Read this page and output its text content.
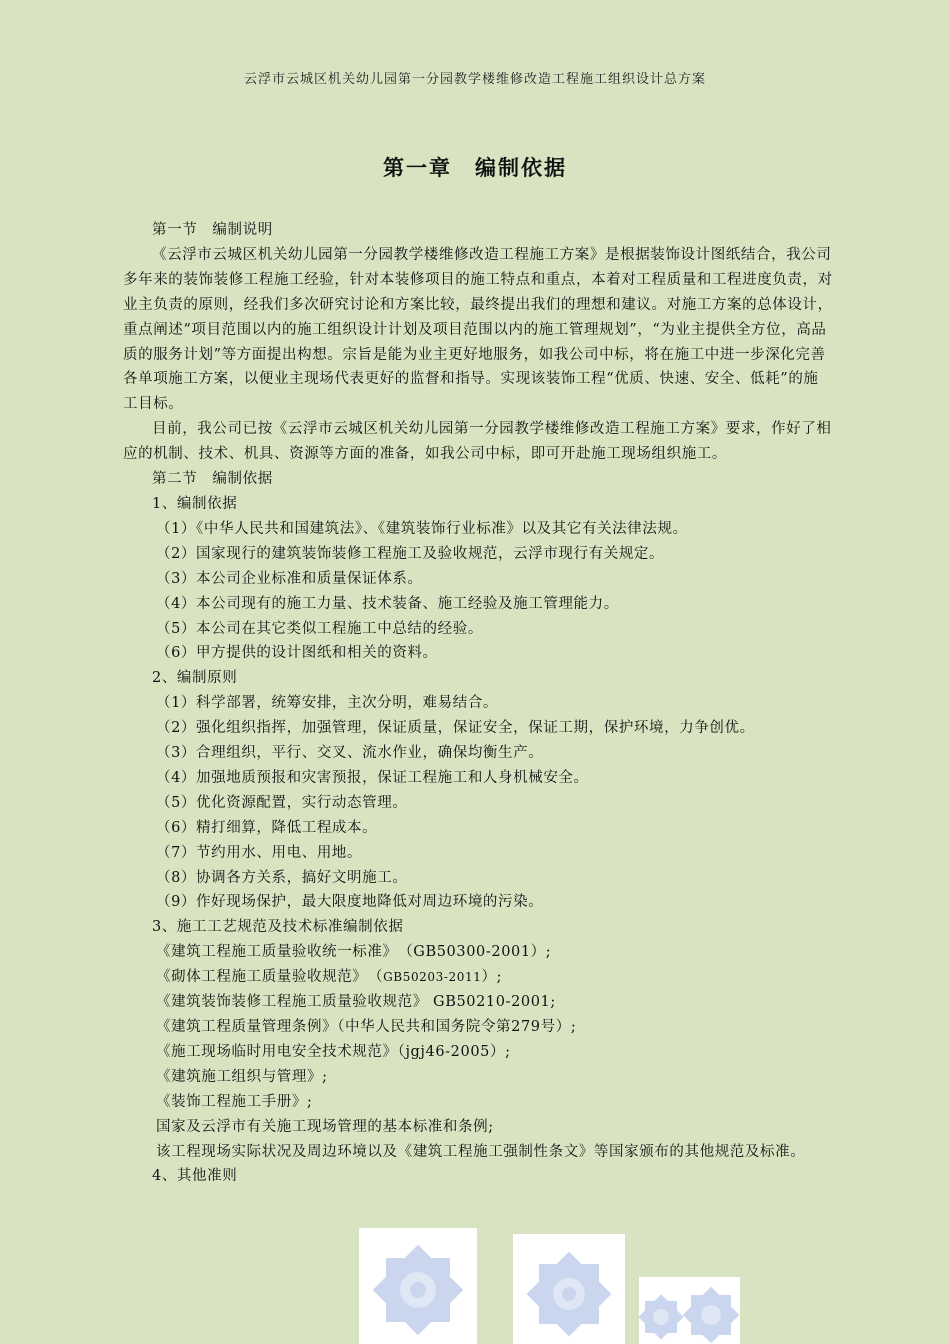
云浮市云城区机关幼儿园第一分园教学楼维修改造工程施工组织设计总方案
第一章　编制依据

第一节　编制说明

《云浮市云城区机关幼儿园第一分园教学楼维修改造工程施工方案》是根据装饰设计图纸结合，我公司多年来的装饰装修工程施工经验，针对本装修项目的施工特点和重点，本着对工程质量和工程进度负责，对业主负责的原则，经我们多次研究讨论和方案比较，最终提出我们的理想和建议。对施工方案的总体设计，重点阐述“项目范围以内的施工组织设计计划及项目范围以内的施工管理规划”，“为业主提供全方位，高品质的服务计划”等方面提出构想。宗旨是能为业主更好地服务，如我公司中标，将在施工中进一步深化完善各单项施工方案，以便业主现场代表更好的监督和指导。实现该装饰工程“优质、快速、安全、低耗”的施工目标。

目前，我公司已按《云浮市云城区机关幼儿园第一分园教学楼维修改造工程施工方案》要求，作好了相应的机制、技术、机具、资源等方面的准备，如我公司中标，即可开赴施工现场组织施工。

第二节　编制依据

1、编制依据

（1）《中华人民共和国建筑法》、《建筑装饰行业标准》以及其它有关法律法规。

（2）国家现行的建筑装饰装修工程施工及验收规范，云浮市现行有关规定。

（3）本公司企业标准和质量保证体系。

（4）本公司现有的施工力量、技术装备、施工经验及施工管理能力。

（5）本公司在其它类似工程施工中总结的经验。

（6）甲方提供的设计图纸和相关的资料。

2、编制原则

（1）科学部署，统筹安排，主次分明，难易结合。

（2）强化组织指挥，加强管理，保证质量，保证安全，保证工期，保护环境，力争创优。

（3）合理组织，平行、交叉、流水作业，确保均衡生产。

（4）加强地质预报和灾害预报，保证工程施工和人身机械安全。

（5）优化资源配置，实行动态管理。

（6）精打细算，降低工程成本。

（7）节约用水、用电、用地。

（8）协调各方关系，搞好文明施工。

（9）作好现场保护，最大限度地降低对周边环境的污染。

3、施工工艺规范及技术标准编制依据

《建筑工程施工质量验收统一标准》　（GB50300-2001）;

《砌体工程施工质量验收规范》　（GB50203-2011）;

《建筑装饰装修工程施工质量验收规范》 GB50210-2001;

《建筑工程质量管理条例》（中华人民共和国务院令第279号）;

《施工现场临时用电安全技术规范》（jgj46-2005）;

《建筑施工组织与管理》;

《装饰工程施工手册》;

国家及云浮市有关施工现场管理的基本标准和条例;

该工程现场实际状况及周边环境以及《建筑工程施工强制性条文》等国家颁布的其他规范及标准。

4、其他准则
